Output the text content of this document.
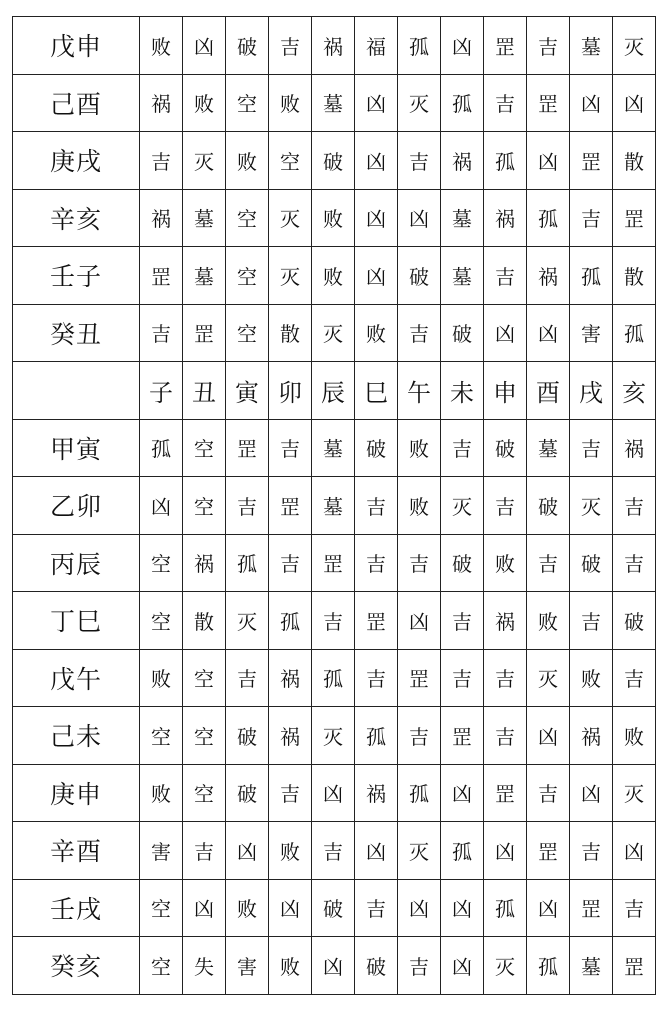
戊申	败	凶	破	吉	祸	福	孤	凶	罡	吉	墓	灭
己酉	祸	败	空	败	墓	凶	灭	孤	吉	罡	凶	凶
庚戌	吉	灭	败	空	破	凶	吉	祸	孤	凶	罡	散
辛亥	祸	墓	空	灭	败	凶	凶	墓	祸	孤	吉	罡
壬子	罡	墓	空	灭	败	凶	破	墓	吉	祸	孤	散
癸丑	吉	罡	空	散	灭	败	吉	破	凶	凶	害	孤
	子	丑	寅	卯	辰	巳	午	未	申	酉	戌	亥
甲寅	孤	空	罡	吉	墓	破	败	吉	破	墓	吉	祸
乙卯	凶	空	吉	罡	墓	吉	败	灭	吉	破	灭	吉
丙辰	空	祸	孤	吉	罡	吉	吉	破	败	吉	破	吉
丁巳	空	散	灭	孤	吉	罡	凶	吉	祸	败	吉	破
戊午	败	空	吉	祸	孤	吉	罡	吉	吉	灭	败	吉
己未	空	空	破	祸	灭	孤	吉	罡	吉	凶	祸	败
庚申	败	空	破	吉	凶	祸	孤	凶	罡	吉	凶	灭
辛酉	害	吉	凶	败	吉	凶	灭	孤	凶	罡	吉	凶
壬戌	空	凶	败	凶	破	吉	凶	凶	孤	凶	罡	吉
癸亥	空	失	害	败	凶	破	吉	凶	灭	孤	墓	罡
